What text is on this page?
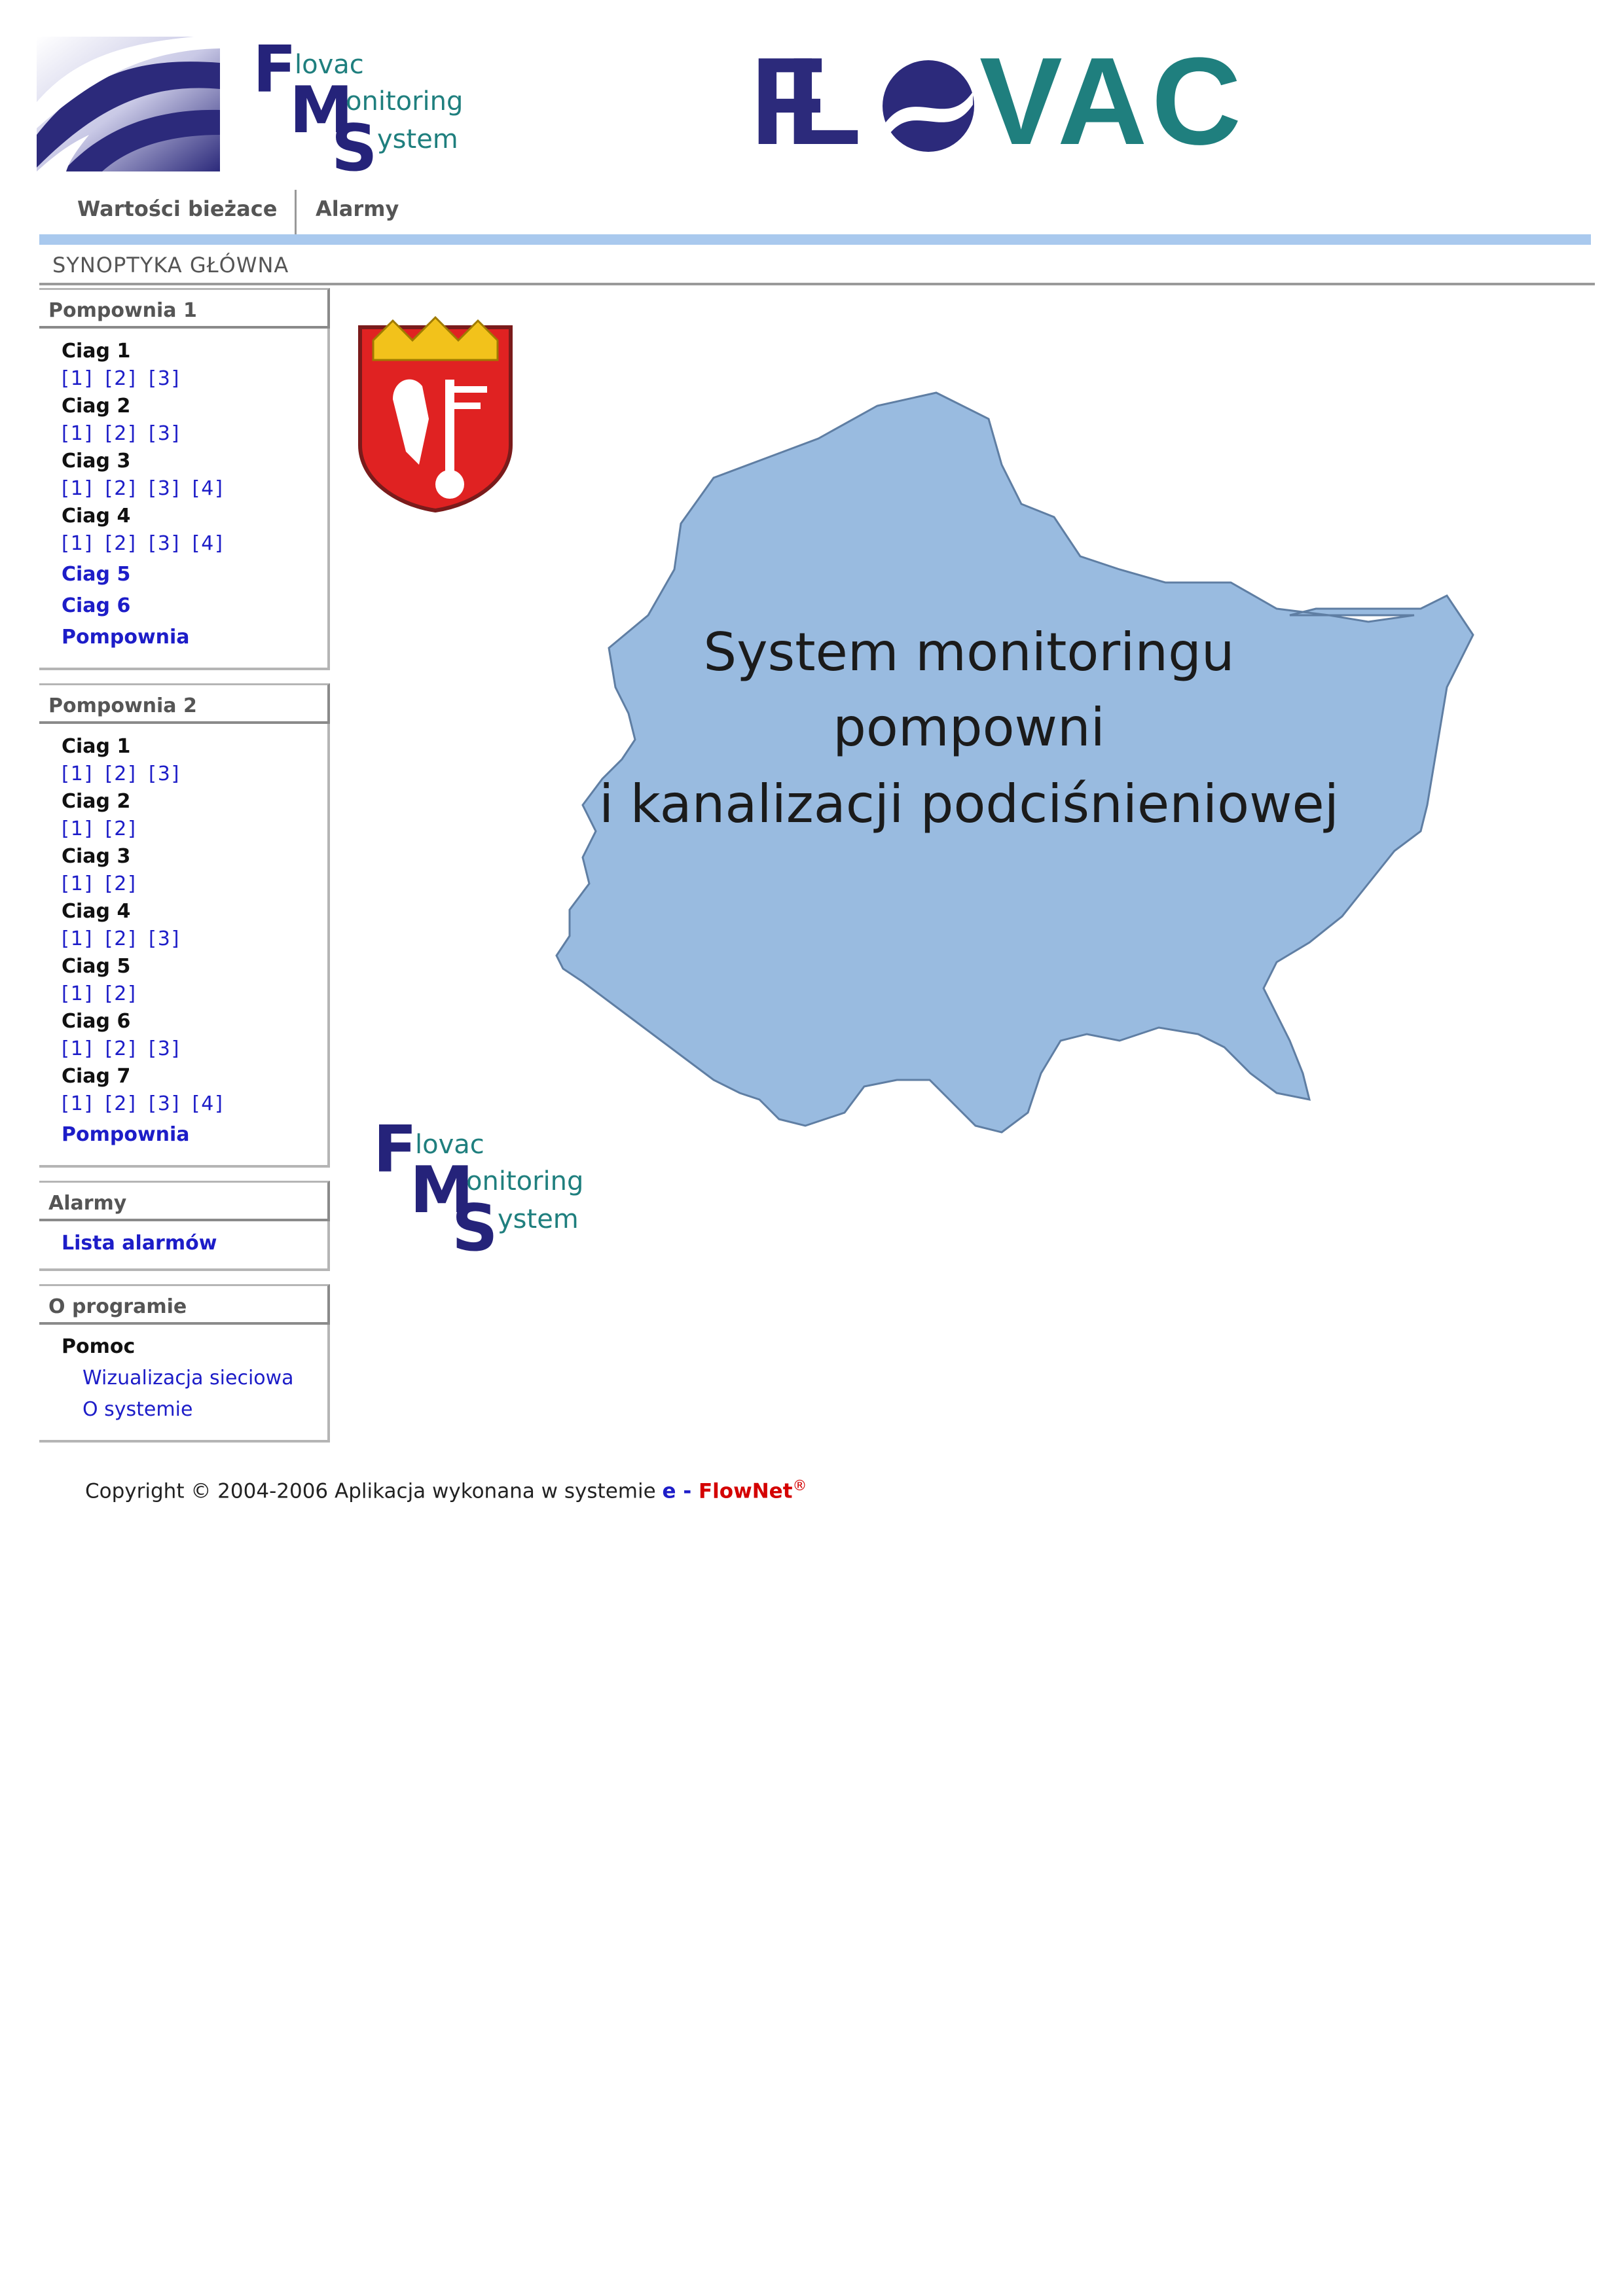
F
lovac
M
onitoring
S ystem FL VAC
Wartości bieżace Alarmy
SYNOPTYKA GŁÓWNA
Pompownia 1
Ciag 1
[1] [2] [3]
Ciag 2
[1] [2] [3]
Ciag 3
[1] [2] [3] [4]
Ciag 4
[1] [2] [3] [4]
Ciag 5
Ciag 6
Pompownia
Pompownia 2
Ciag 1
[1] [2] [3]
Ciag 2
[1] [2]
Ciag 3
[1] [2]
Ciag 4
[1] [2] [3]
Ciag 5
[1] [2]
Ciag 6
[1] [2] [3]
Ciag 7
[1] [2] [3] [4]
Pompownia
Alarmy
Lista alarmów
O programie
Pomoc
Wizualizacja sieciowa
O systemie
System monitoringu
pompowni
i kanalizacji podciśnieniowej
F
lovac
M
onitoring
S ystem
Copyright © 2004-2006 Aplikacja wykonana w systemie e - FlowNet®
